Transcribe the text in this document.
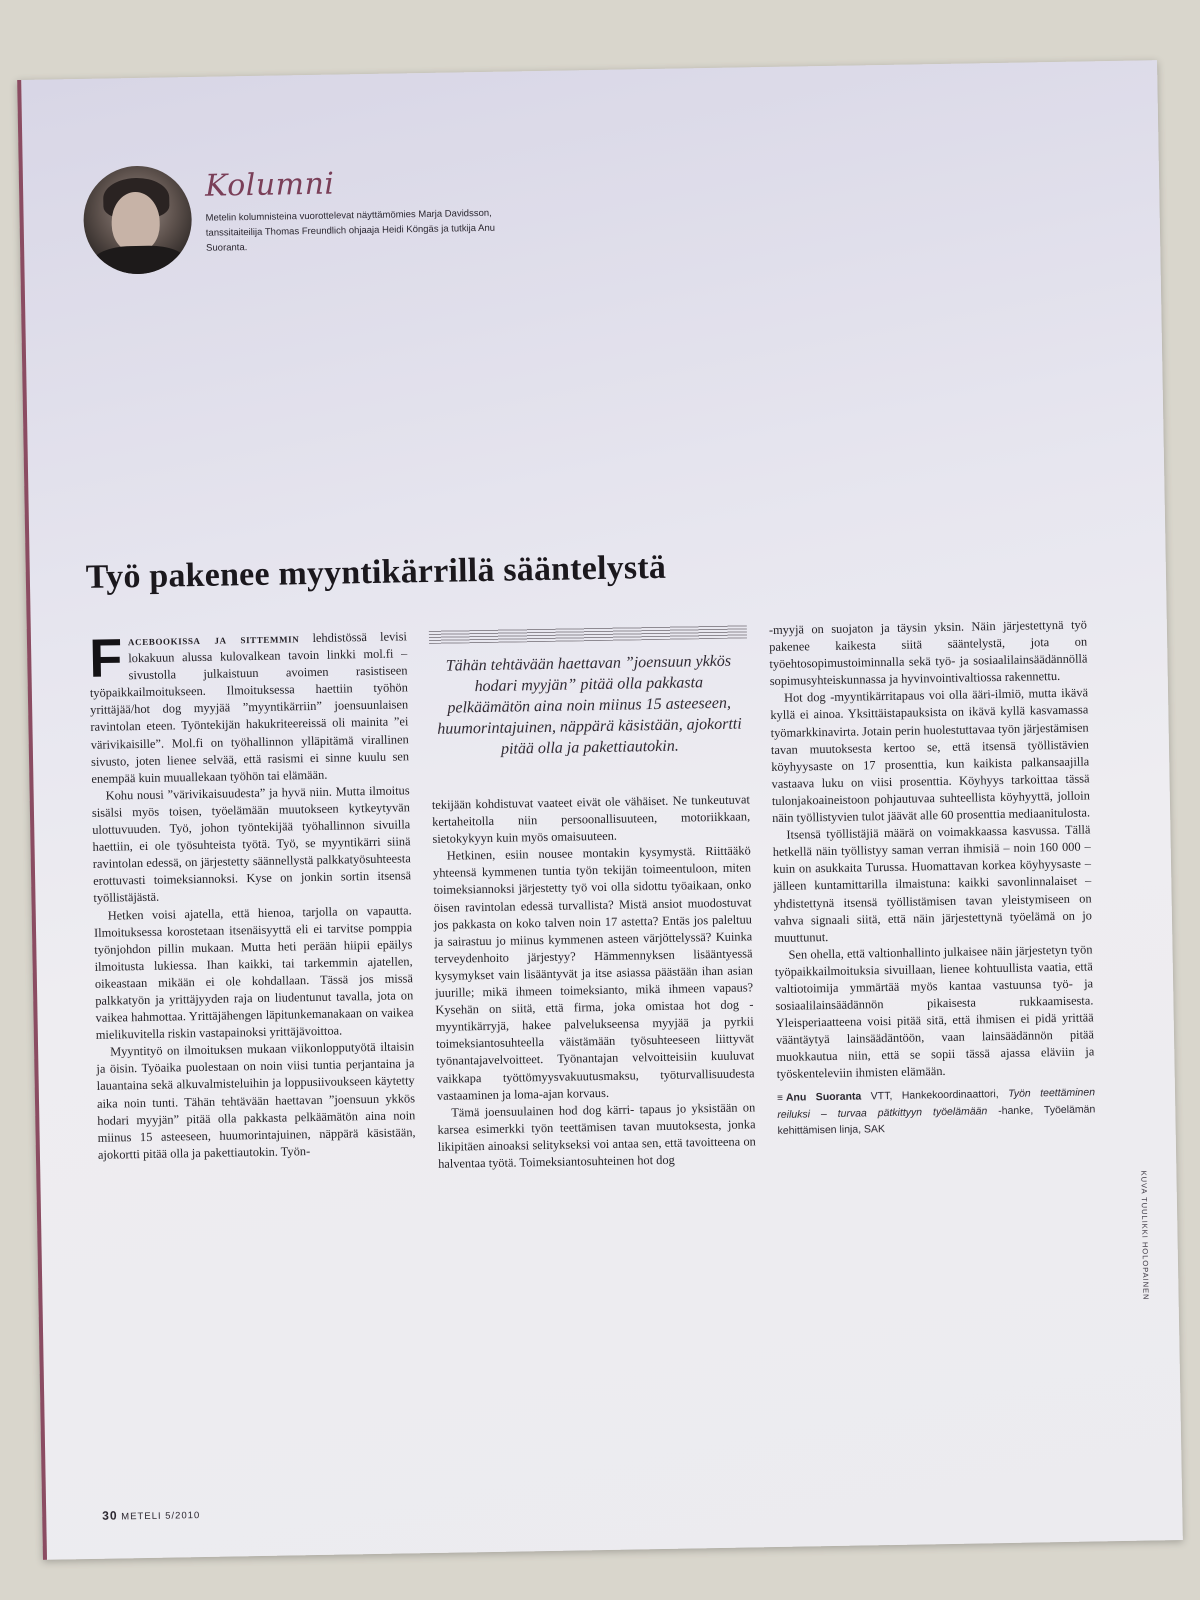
Kolumni
Metelin kolumnisteina vuorottelevat näyttämömies Marja Davidsson, tanssitaiteilija Thomas Freundlich ohjaaja Heidi Köngäs ja tutkija Anu Suoranta.
Työ pakenee myyntikärrillä sääntelystä

Facebookissa ja sittemmin lehdistössä levisi lokakuun alussa kulovalkean tavoin linkki mol.fi – sivustolla julkaistuun avoimen rasistiseen työpaikkailmoitukseen. Ilmoituksessa haettiin työhön yrittäjää/hot dog myyjää ”myyntikärriin” joensuunlaisen ravintolan eteen. Työntekijän hakukriteereissä oli mainita ”ei värivikaisille”. Mol.fi on työhallinnon ylläpitämä virallinen sivusto, joten lienee selvää, että rasismi ei sinne kuulu sen enempää kuin muuallekaan työhön tai elämään.

Kohu nousi ”värivikaisuudesta” ja hyvä niin. Mutta ilmoitus sisälsi myös toisen, työelämään muutokseen kytkeytyvän ulottuvuuden. Työ, johon työntekijää työhallinnon sivuilla haettiin, ei ole työsuhteista työtä. Työ, se myyntikärri siinä ravintolan edessä, on järjestetty säännellystä palkkatyösuhteesta erottuvasti toimeksiannoksi. Kyse on jonkin sortin itsensä työllistäjästä.

Hetken voisi ajatella, että hienoa, tarjolla on vapautta. Ilmoituksessa korostetaan itsenäisyyttä eli ei tarvitse pomppia työnjohdon pillin mukaan. Mutta heti perään hiipii epäilys ilmoitusta lukiessa. Ihan kaikki, tai tarkemmin ajatellen, oikeastaan mikään ei ole kohdallaan. Tässä jos missä palkkatyön ja yrittäjyyden raja on liudentunut tavalla, jota on vaikea hahmottaa. Yrittäjähengen läpitunkemanakaan on vaikea mielikuvitella riskin vastapainoksi yrittäjävoittoa.

Myyntityö on ilmoituksen mukaan viikonlopputyötä iltaisin ja öisin. Työaika puolestaan on noin viisi tuntia perjantaina ja lauantaina sekä alkuvalmisteluihin ja loppusiivoukseen käytetty aika noin tunti. Tähän tehtävään haettavan ”joensuun ykkös hodari myyjän” pitää olla pakkasta pelkäämätön aina noin miinus 15 asteeseen, huumorintajuinen, näppärä käsistään, ajokortti pitää olla ja pakettiautokin. Työn-

Tähän tehtävään haettavan ”joensuun ykkös hodari myyjän” pitää olla pakkasta pelkäämätön aina noin miinus 15 asteeseen, huumorintajuinen, näppärä käsistään, ajokortti pitää olla ja pakettiautokin.

tekijään kohdistuvat vaateet eivät ole vähäiset. Ne tunkeutuvat kertaheitolla niin persoonallisuuteen, motoriikkaan, sietokykyyn kuin myös omaisuuteen.

Hetkinen, esiin nousee montakin kysymystä. Riittääkö yhteensä kymmenen tuntia työn tekijän toimeentuloon, miten toimeksiannoksi järjestetty työ voi olla sidottu työaikaan, onko öisen ravintolan edessä turvallista? Mistä ansiot muodostuvat jos pakkasta on koko talven noin 17 astetta? Entäs jos paleltuu ja sairastuu jo miinus kymmenen asteen värjöttelyssä? Kuinka terveydenhoito järjestyy? Hämmennyksen lisääntyessä kysymykset vain lisääntyvät ja itse asiassa päästään ihan asian juurille; mikä ihmeen toimeksianto, mikä ihmeen vapaus? Kysehän on siitä, että firma, joka omistaa hot dog -myyntikärryjä, hakee palvelukseensa myyjää ja pyrkii toimeksiantosuhteella väistämään työsuhteeseen liittyvät työnantajavelvoitteet. Työnantajan velvoitteisiin kuuluvat vaikkapa työttömyysvakuutusmaksu, työturvallisuudesta vastaaminen ja loma-ajan korvaus.

Tämä joensuulainen hod dog kärri- tapaus jo yksistään on karsea esimerkki työn teettämisen tavan muutoksesta, jonka likipitäen ainoaksi selitykseksi voi antaa sen, että tavoitteena on halventaa työtä. Toimeksiantosuhteinen hot dog

-myyjä on suojaton ja täysin yksin. Näin järjestettynä työ pakenee kaikesta siitä sääntelystä, jota on työehtosopimustoiminnalla sekä työ- ja sosiaalilainsäädännöllä sopimusyhteiskunnassa ja hyvinvointivaltiossa rakennettu.

Hot dog -myyntikärritapaus voi olla ääri-ilmiö, mutta ikävä kyllä ei ainoa. Yksittäistapauksista on ikävä kyllä kasvamassa työmarkkinavirta. Jotain perin huolestuttavaa työn järjestämisen tavan muutoksesta kertoo se, että itsensä työllistävien köyhyysaste on 17 prosenttia, kun kaikista palkansaajilla vastaava luku on viisi prosenttia. Köyhyys tarkoittaa tässä tulonjakoaineistoon pohjautuvaa suhteellista köyhyyttä, jolloin näin työllistyvien tulot jäävät alle 60 prosenttia mediaanitulosta.

Itsensä työllistäjiä määrä on voimakkaassa kasvussa. Tällä hetkellä näin työllistyy saman verran ihmisiä – noin 160 000 – kuin on asukkaita Turussa. Huomattavan korkea köyhyysaste – jälleen kuntamittarilla ilmaistuna: kaikki savonlinnalaiset – yhdistettynä itsensä työllistämisen tavan yleistymiseen on vahva signaali siitä, että näin järjestettynä työelämä on jo muuttunut.

Sen ohella, että valtionhallinto julkaisee näin järjestetyn työn työpaikkailmoituksia sivuillaan, lienee kohtuullista vaatia, että valtiotoimija ymmärtää myös kantaa vastuunsa työ- ja sosiaalilainsäädännön pikaisesta rukkaamisesta. Yleisperiaatteena voisi pitää sitä, että ihmisen ei pidä yrittää vääntäytyä lainsäädäntöön, vaan lainsäädännön pitää muokkautua niin, että se sopii tässä ajassa eläviin ja työskenteleviin ihmisten elämään.

≡ Anu Suoranta VTT, Hankekoordinaattori, Työn teettäminen reiluksi – turvaa pätkittyyn työelämään -hanke, Työelämän kehittämisen linja, SAK

30 METELI 5/2010
KUVA TUULIKKI HOLOPAINEN
